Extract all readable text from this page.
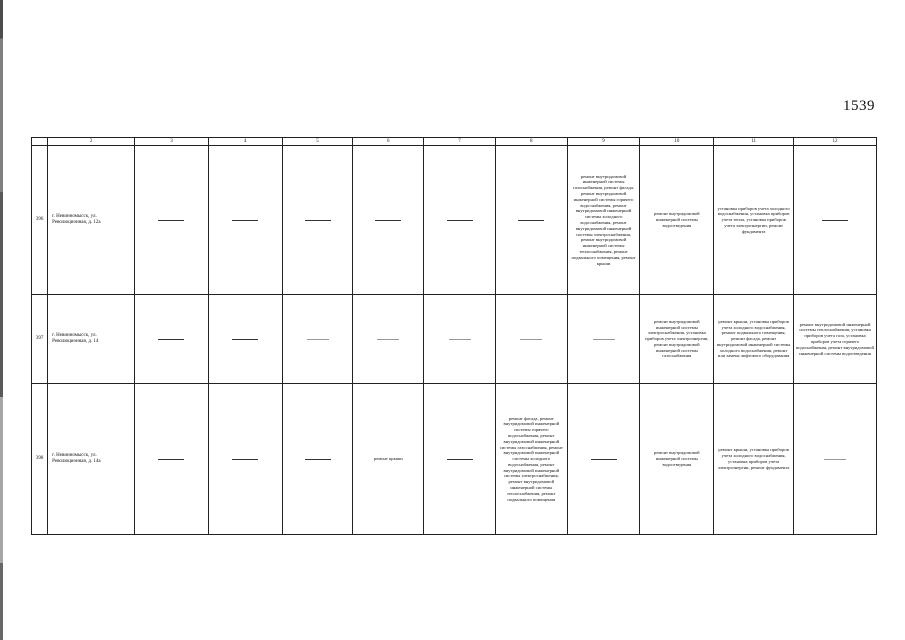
1539
	2	3	4	5	6	7	8	9	10	11	12
396	г. Невинномысск, ул. Революционная, д. 12а							ремонт внутридомовой инженерной системы газоснабжения, ремонт фасада, ремонт внутридомовой инженерной системы горячего водоснабжения, ремонт внутридомовой инженерной системы холодного водоснабжения, ремонт внутридомовой инженерной системы электроснабжения, ремонт внутридомовой инженерной системы теплоснабжения, ремонт подвального помещения, ремонт крыши	ремонт внутридомовой инженерной системы водоотведения	установка приборов учета холодного водоснабжения, установка приборов учета тепла, установка приборов учета электроэнергии, ремонт фундамента	
397	г. Невинномысск, ул. Революционная, д. 14								ремонт внутридомовой инженерной системы электроснабжения, установка приборов учета электроэнергии, ремонт внутридомовой инженерной системы газоснабжения	ремонт крыши, установка приборов учета холодного водоснабжения, ремонт подвального помещения, ремонт фасада, ремонт внутридомовой инженерной системы холодного водоснабжения, ремонт или замена лифтового оборудования	ремонт внутридомовой инженерной системы теплоснабжения, установка приборов учета газа, установка приборов учета горячего водоснабжения, ремонт внутридомовой инженерной системы водоотведения
398	г. Невинномысск, ул. Революционная, д. 14а				ремонт крыши		ремонт фасада, ремонт внутридомовой инженерной системы горячего водоснабжения, ремонт внутридомовой инженерной системы газоснабжения, ремонт внутридомовой инженерной системы холодного водоснабжения, ремонт внутридомовой инженерной системы электроснабжения, ремонт внутридомовой инженерной системы теплоснабжения, ремонт подвального помещения		ремонт внутридомовой инженерной системы водоотведения	ремонт крыши, установка приборов учета холодного водоснабжения, установка приборов учета электроэнергии, ремонт фундамента	
